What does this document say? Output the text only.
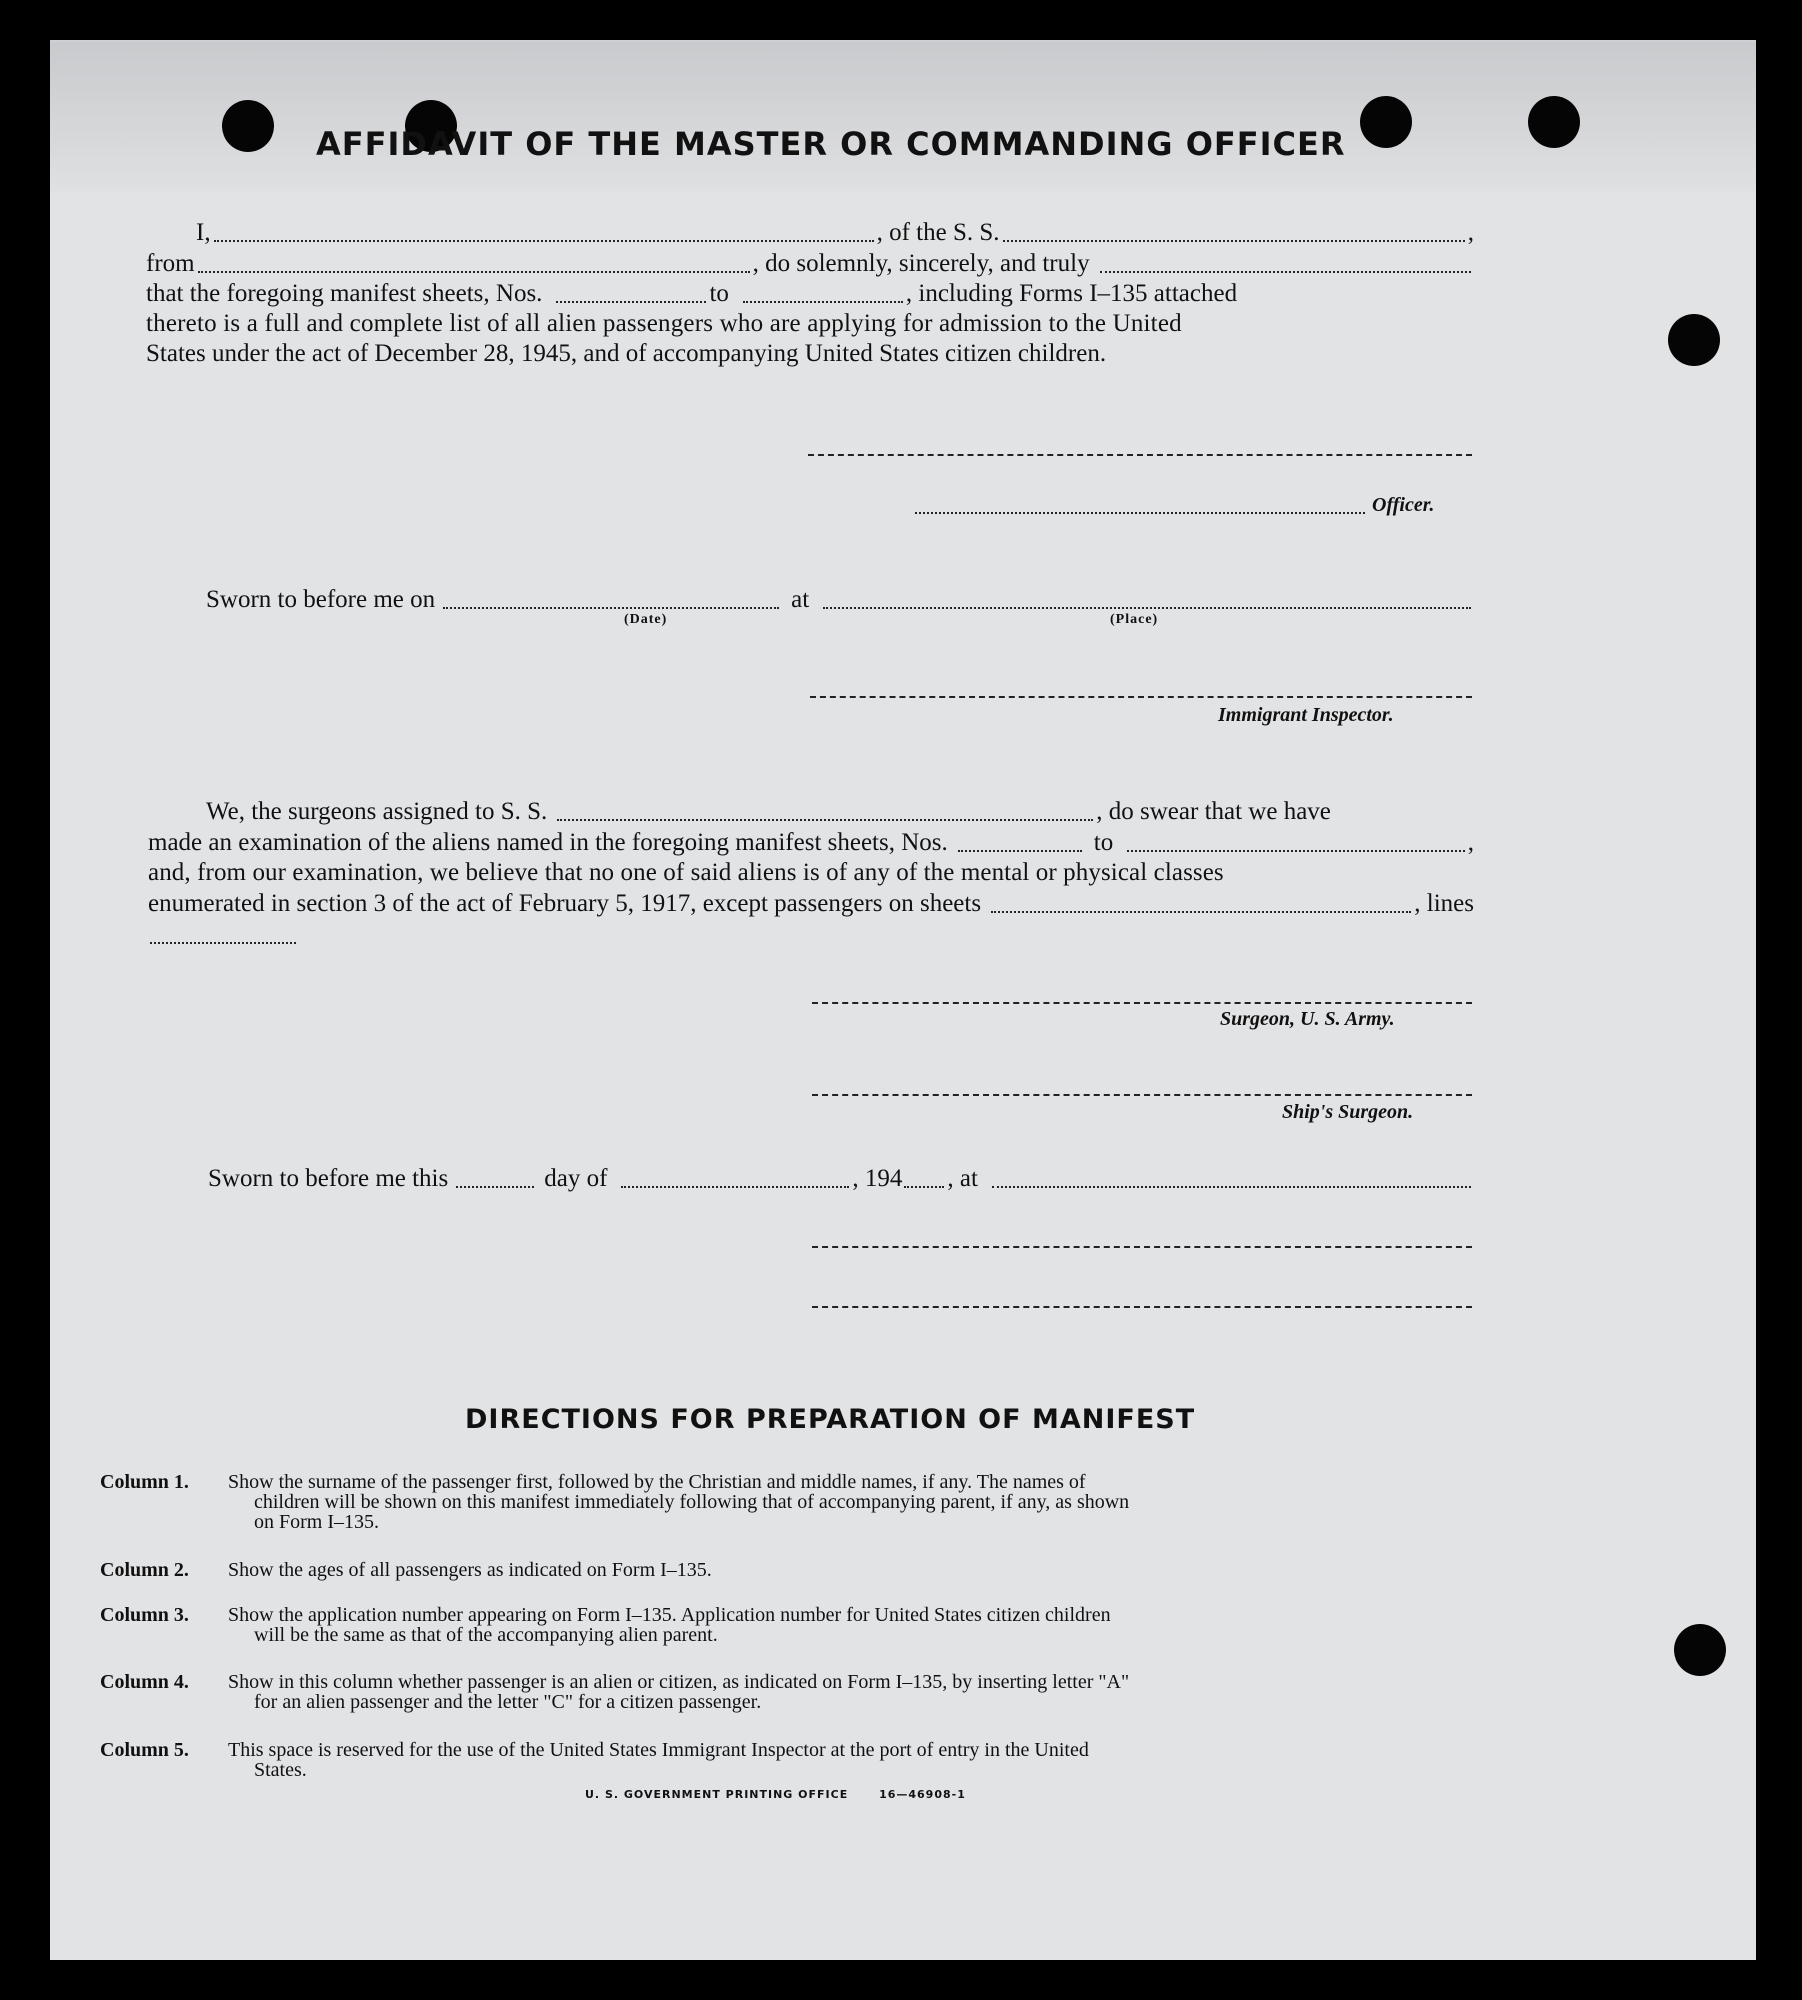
AFFIDAVIT OF THE MASTER OR COMMANDING OFFICER
I,	, of the S. S.	,
from	, do solemnly, sincerely, and truly
that the foregoing manifest sheets, Nos.	to	, including Forms I–135 attached
thereto is a full and complete list of all alien passengers who are applying for admission to the United
States under the act of December 28, 1945, and of accompanying United States citizen children.
Officer.
Sworn to before me on	at
(Date)	(Place)
Immigrant Inspector.
We, the surgeons assigned to S. S.	, do swear that we have
made an examination of the aliens named in the foregoing manifest sheets, Nos.	to	,
and, from our examination, we believe that no one of said aliens is of any of the mental or physical classes
enumerated in section 3 of the act of February 5, 1917, except passengers on sheets	, lines
Surgeon, U. S. Army.
Ship's Surgeon.
Sworn to before me this	day of	, 194 , at
DIRECTIONS FOR PREPARATION OF MANIFEST
Column 1. Show the surname of the passenger first, followed by the Christian and middle names, if any. The names of
children will be shown on this manifest immediately following that of accompanying parent, if any, as shown
on Form I–135.
Column 2. Show the ages of all passengers as indicated on Form I–135.
Column 3. Show the application number appearing on Form I–135. Application number for United States citizen children
will be the same as that of the accompanying alien parent.
Column 4. Show in this column whether passenger is an alien or citizen, as indicated on Form I–135, by inserting letter "A"
for an alien passenger and the letter "C" for a citizen passenger.
Column 5. This space is reserved for the use of the United States Immigrant Inspector at the port of entry in the United
States.
U. S. GOVERNMENT PRINTING OFFICE	16—46908-1
